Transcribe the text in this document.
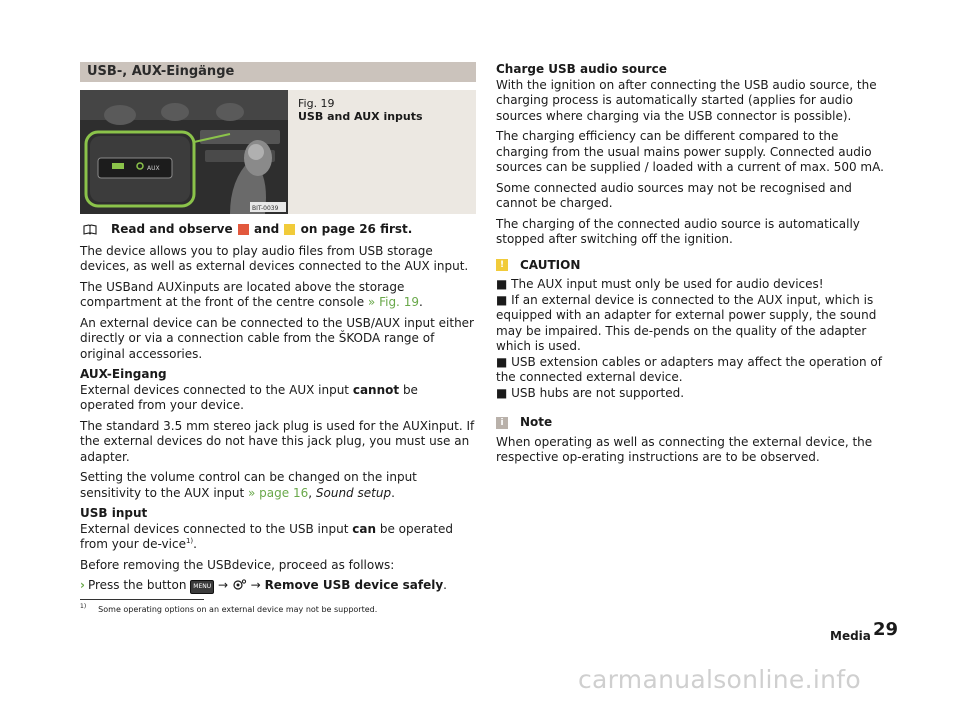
USB-, AUX-Eingänge
AUX
BIT-0039
Fig. 19
USB and AUX inputs
Read and observe

and

on page 26 first.

The device allows you to play audio files from USB storage devices, as well as external devices connected to the AUX input.

The USBand AUXinputs are located above the storage compartment at the front of the centre console » Fig. 19.

An external device can be connected to the USB/AUX input either directly or via a connection cable from the ŠKODA range of original accessories.

AUX-Eingang

External devices connected to the AUX input cannot be operated from your device.

The standard 3.5 mm stereo jack plug is used for the AUXinput. If the external devices do not have this jack plug, you must use an adapter.

Setting the volume control can be changed on the input sensitivity to the AUX input » page 16, Sound setup.

USB input

External devices connected to the USB input can be operated from your de-vice$^{1)}$.

Before removing the USBdevice, proceed as follows:

› Press the button MENU → → Remove USB device safely.

Charge USB audio source

With the ignition on after connecting the USB audio source, the charging process is automatically started (applies for audio sources where charging via the USB connector is possible).

The charging efficiency can be different compared to the charging from the usual mains power supply. Connected audio sources can be supplied / loaded with a current of max. 500 mA.

Some connected audio sources may not be recognised and cannot be charged.

The charging of the connected audio source is automatically stopped after switching off the ignition.

!	CAUTION

■ The AUX input must only be used for audio devices!

■ If an external device is connected to the AUX input, which is equipped with an adapter for external power supply, the sound may be impaired. This de-pends on the quality of the adapter which is used.

■ USB extension cables or adapters may affect the operation of the connected external device.

■ USB hubs are not supported.

i	Note

When operating as well as connecting the external device, the respective op-erating instructions are to be observed.

$^{1)}$ Some operating options on an external device may not be supported.
Media 29
carmanualsonline.info
